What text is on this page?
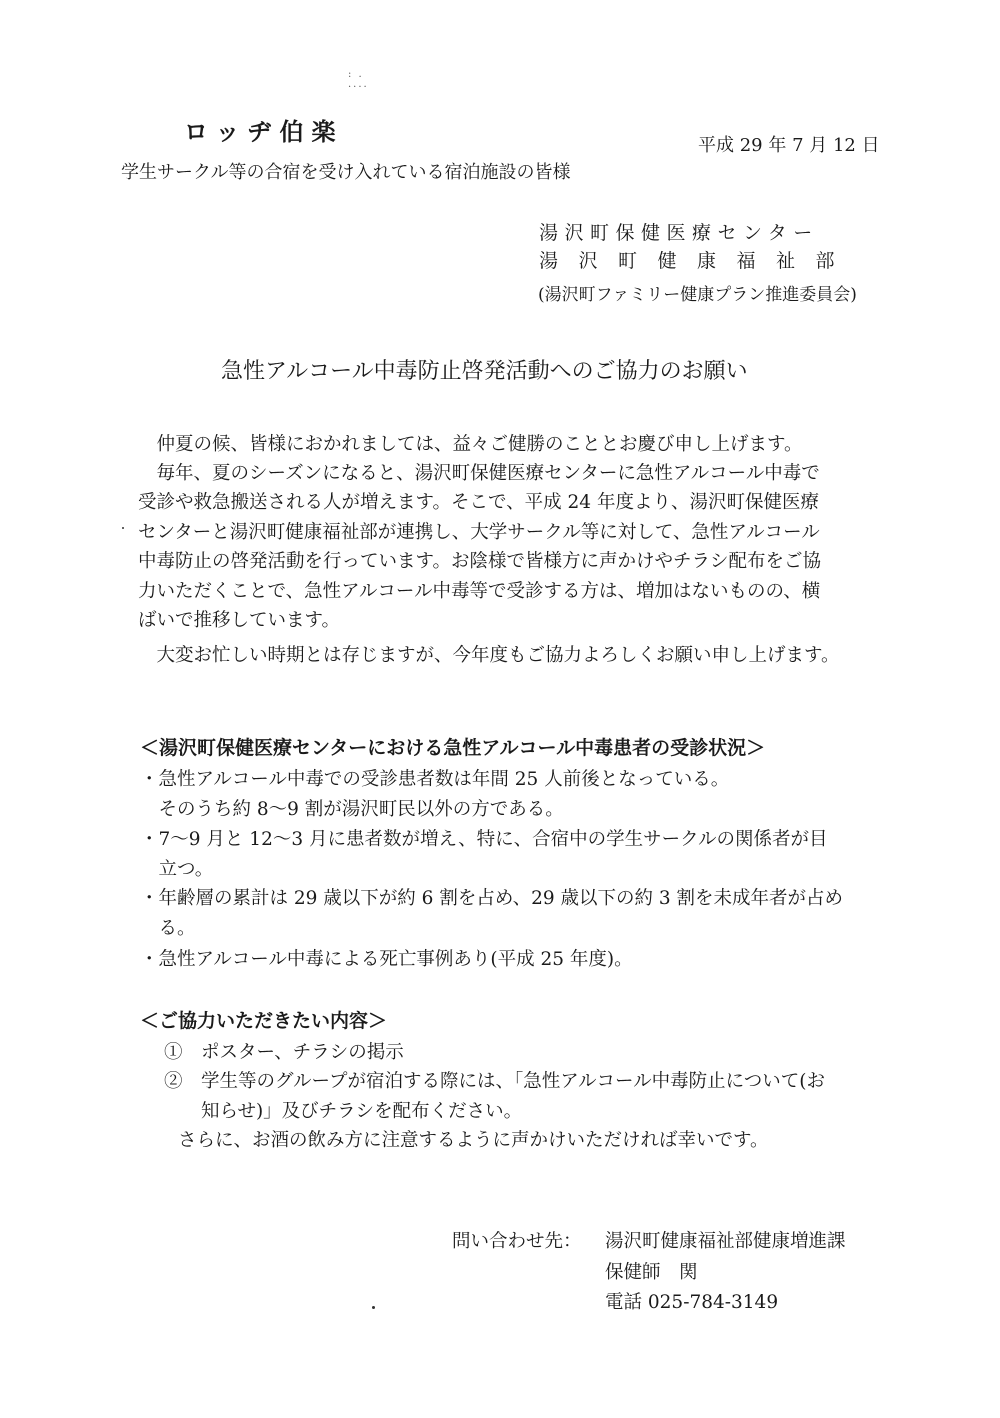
: .
....
ロッヂ伯楽	平成 29 年 7 月 12 日
学生サークル等の合宿を受け入れている宿泊施設の皆様
湯沢町保健医療センター
湯沢町健康福祉部
(湯沢町ファミリー健康プラン推進委員会)
急性アルコール中毒防止啓発活動へのご協力のお願い
　仲夏の候、皆様におかれましては、益々ご健勝のこととお慶び申し上げます。
　毎年、夏のシーズンになると、湯沢町保健医療センターに急性アルコール中毒で
受診や救急搬送される人が増えます。そこで、平成 24 年度より、湯沢町保健医療
センターと湯沢町健康福祉部が連携し、大学サークル等に対して、急性アルコール
中毒防止の啓発活動を行っています。お陰様で皆様方に声かけやチラシ配布をご協
力いただくことで、急性アルコール中毒等で受診する方は、増加はないものの、横
ばいで推移しています。
　大変お忙しい時期とは存じますが、今年度もご協力よろしくお願い申し上げます。
＜湯沢町保健医療センターにおける急性アルコール中毒患者の受診状況＞
・急性アルコール中毒での受診患者数は年間 25 人前後となっている。
　そのうち約 8～9 割が湯沢町民以外の方である。
・7～9 月と 12～3 月に患者数が増え、特に、合宿中の学生サークルの関係者が目
　立つ。
・年齢層の累計は 29 歳以下が約 6 割を占め、29 歳以下の約 3 割を未成年者が占め
　る。
・急性アルコール中毒による死亡事例あり(平成 25 年度)。
＜ご協力いただきたい内容＞
①　ポスター、チラシの掲示
②　学生等のグループが宿泊する際には、「急性アルコール中毒防止について(お
　　知らせ)」及びチラシを配布ください。
さらに、お酒の飲み方に注意するように声かけいただければ幸いです。
問い合わせ先： 湯沢町健康福祉部健康増進課
保健師　関
電話 025-784-3149
